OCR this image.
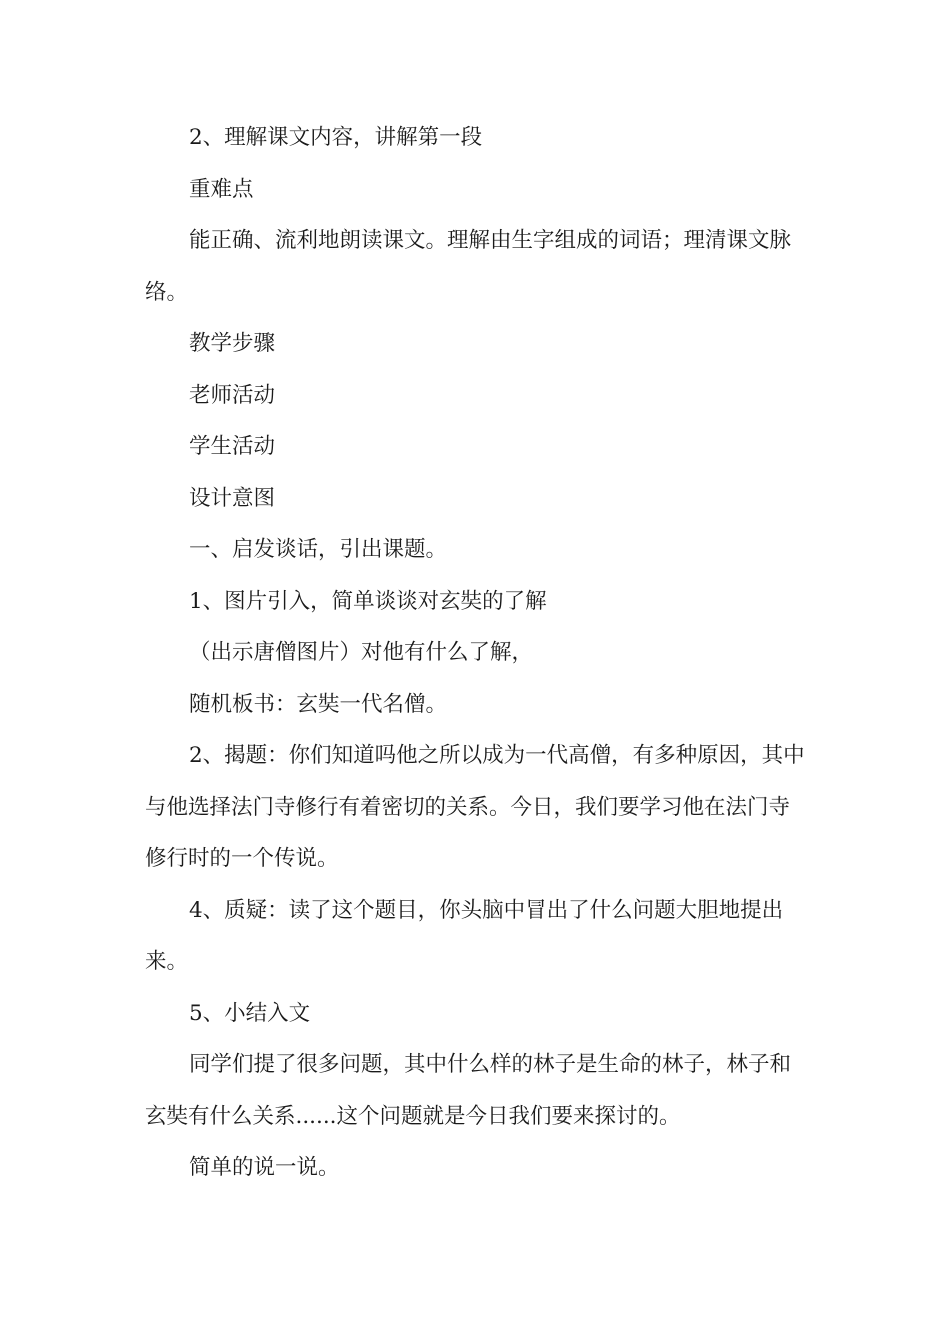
2、理解课文内容，讲解第一段

重难点

能正确、流利地朗读课文。理解由生字组成的词语；理清课文脉络。

教学步骤

老师活动

学生活动

设计意图

一、启发谈话，引出课题。

1、图片引入，简单谈谈对玄奘的了解

（出示唐僧图片）对他有什么了解，

随机板书：玄奘一代名僧。

2、揭题：你们知道吗他之所以成为一代高僧，有多种原因，其中与他选择法门寺修行有着密切的关系。今日，我们要学习他在法门寺修行时的一个传说。

4、质疑：读了这个题目，你头脑中冒出了什么问题大胆地提出来。

5、小结入文

同学们提了很多问题，其中什么样的林子是生命的林子，林子和玄奘有什么关系......这个问题就是今日我们要来探讨的。

简单的说一说。
